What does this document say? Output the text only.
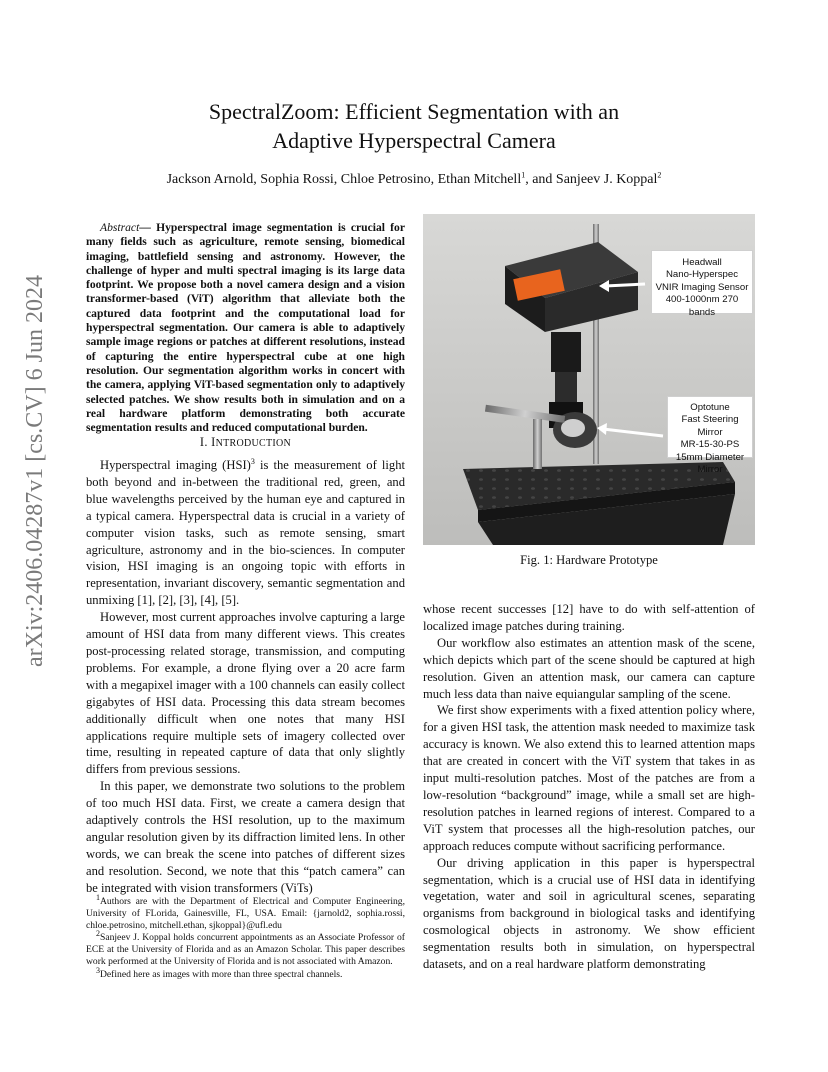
arXiv:2406.04287v1 [cs.CV] 6 Jun 2024
SpectralZoom: Efficient Segmentation with an
Adaptive Hyperspectral Camera
Jackson Arnold, Sophia Rossi, Chloe Petrosino, Ethan Mitchell$^1$, and Sanjeev J. Koppal$^2$

Abstract— Hyperspectral image segmentation is crucial for many fields such as agriculture, remote sensing, biomedical imaging, battlefield sensing and astronomy. However, the challenge of hyper and multi spectral imaging is its large data footprint. We propose both a novel camera design and a vision transformer-based (ViT) algorithm that alleviate both the captured data footprint and the computational load for hyperspectral segmentation. Our camera is able to adaptively sample image regions or patches at different resolutions, instead of capturing the entire hyperspectral cube at one high resolution. Our segmentation algorithm works in concert with the camera, applying ViT-based segmentation only to adaptively selected patches. We show results both in simulation and on a real hardware platform demonstrating both accurate segmentation results and reduced computational burden.

I. INTRODUCTION

Hyperspectral imaging (HSI)$^3$ is the measurement of light both beyond and in-between the traditional red, green, and blue wavelengths perceived by the human eye and captured in a typical camera. Hyperspectral data is crucial in a variety of computer vision tasks, such as remote sensing, smart agriculture, astronomy and in the bio-sciences. In computer vision, HSI imaging is an ongoing topic with efforts in representation, invariant discovery, semantic segmentation and unmixing [1], [2], [3], [4], [5].

However, most current approaches involve capturing a large amount of HSI data from many different views. This creates post-processing related storage, transmission, and computing problems. For example, a drone flying over a 20 acre farm with a megapixel imager with a 100 channels can easily collect gigabytes of HSI data. Processing this data stream becomes additionally difficult when one notes that many HSI applications require multiple sets of imagery collected over time, resulting in repeated capture of data that only slightly differs from previous sessions.

In this paper, we demonstrate two solutions to the problem of too much HSI data. First, we create a camera design that adaptively controls the HSI resolution, up to the maximum angular resolution given by its diffraction limited lens. In other words, we can break the scene into patches of different sizes and resolution. Second, we note that this “patch camera” can be integrated with vision transformers (ViTs)

$^1$Authors are with the Department of Electrical and Computer Engineering, University of FLorida, Gainesville, FL, USA. Email: {jarnold2, sophia.rossi, chloe.petrosino, mitchell.ethan, sjkoppal}@ufl.edu

$^2$Sanjeev J. Koppal holds concurrent appointments as an Associate Professor of ECE at the University of Florida and as an Amazon Scholar. This paper describes work performed at the University of Florida and is not associated with Amazon.

$^3$Defined here as images with more than three spectral channels.

Headwall
Nano-Hyperspec
VNIR Imaging Sensor
400-1000nm 270 bands
Optotune
Fast Steering Mirror
MR-15-30-PS
15mm Diameter Mirror
Fig. 1: Hardware Prototype

whose recent successes [12] have to do with self-attention of localized image patches during training.

Our workflow also estimates an attention mask of the scene, which depicts which part of the scene should be captured at high resolution. Given an attention mask, our camera can capture much less data than naive equiangular sampling of the scene.

We first show experiments with a fixed attention policy where, for a given HSI task, the attention mask needed to maximize task accuracy is known. We also extend this to learned attention maps that are created in concert with the ViT system that takes in as input multi-resolution patches. Most of the patches are from a low-resolution “background” image, while a small set are high-resolution patches in learned regions of interest. Compared to a ViT system that processes all the high-resolution patches, our approach reduces compute without sacrificing performance.

Our driving application in this paper is hyperspectral segmentation, which is a crucial use of HSI data in identifying vegetation, water and soil in agricultural scenes, separating organisms from background in biological tasks and identifying cosmological objects in astronomy. We show efficient segmentation results both in simulation, on hyperspectral datasets, and on a real hardware platform demonstrating
